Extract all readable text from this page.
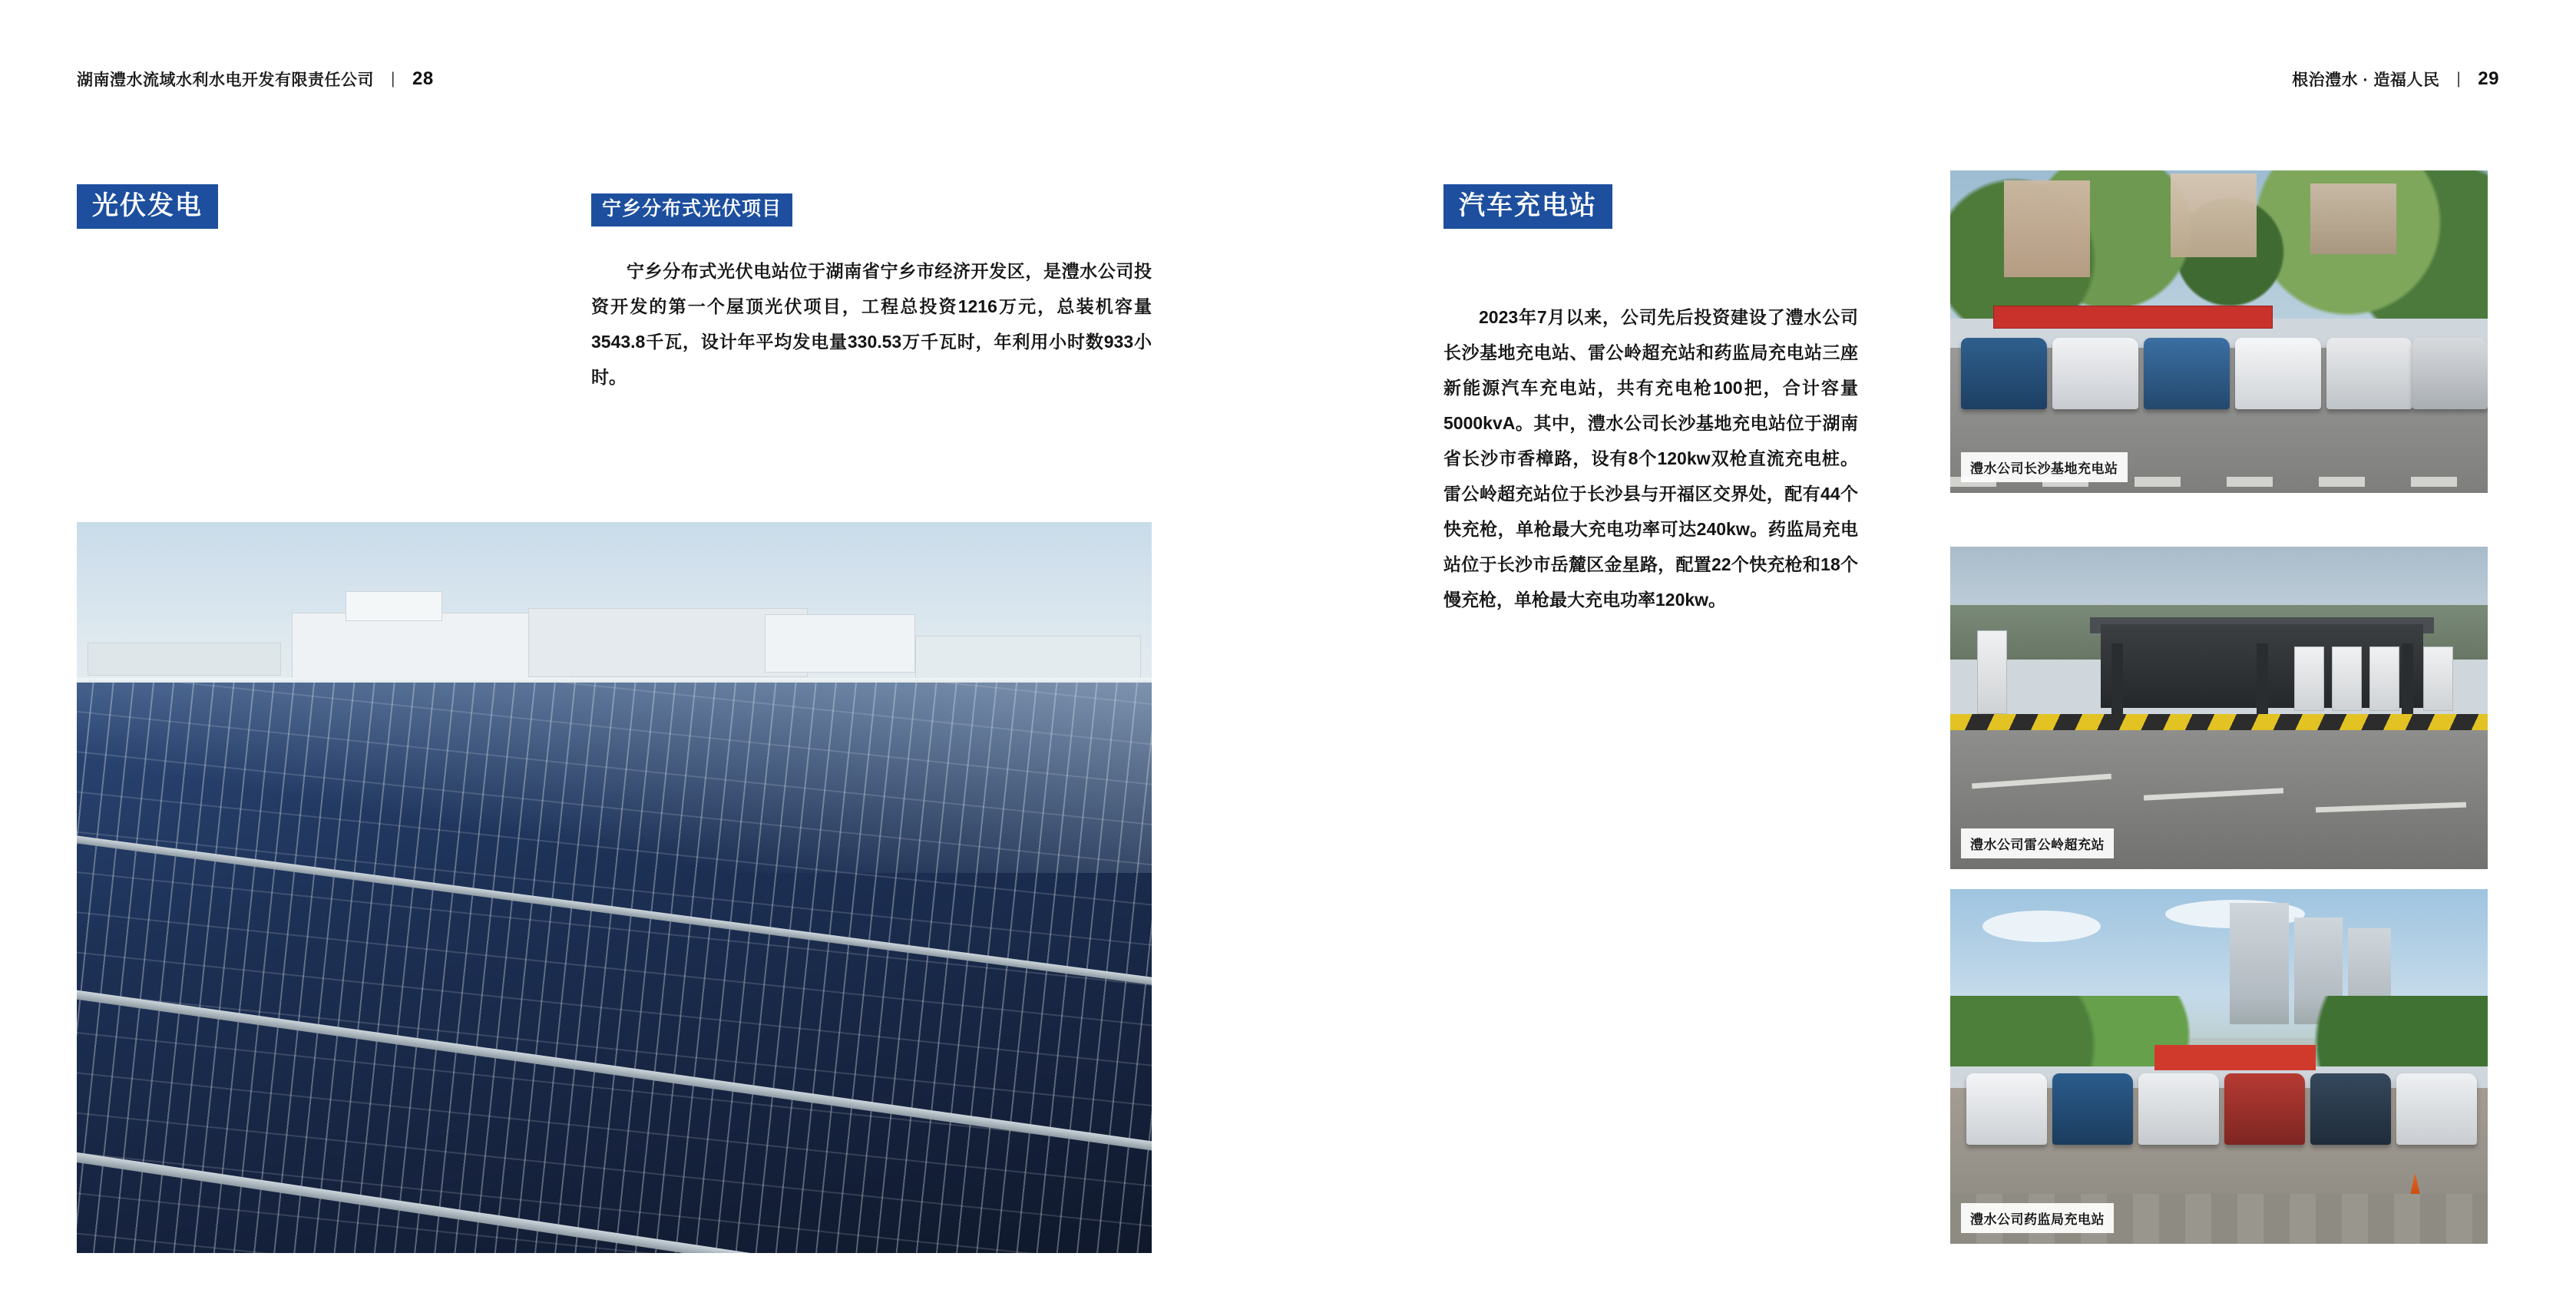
湖南澧水流域水利水电开发有限责任公司 | 28
光伏发电	宁乡分布式光伏项目

宁乡分布式光伏电站位于湖南省宁乡市经济开发区，是澧水公司投资开发的第一个屋顶光伏项目，工程总投资1216万元，总装机容量3543.8千瓦，设计年平均发电量330.53万千瓦时，年利用小时数933小时。

根治澧水 · 造福人民 | 29
汽车充电站

2023年7月以来，公司先后投资建设了澧水公司长沙基地充电站、雷公岭超充站和药监局充电站三座新能源汽车充电站，共有充电枪100把，合计容量5000kvA。其中，澧水公司长沙基地充电站位于湖南省长沙市香樟路，设有8个120kw双枪直流充电桩。雷公岭超充站位于长沙县与开福区交界处，配有44个快充枪，单枪最大充电功率可达240kw。药监局充电站位于长沙市岳麓区金星路，配置22个快充枪和18个慢充枪，单枪最大充电功率120kw。

澧水公司长沙基地充电站
澧水公司雷公岭超充站
澧水公司药监局充电站
